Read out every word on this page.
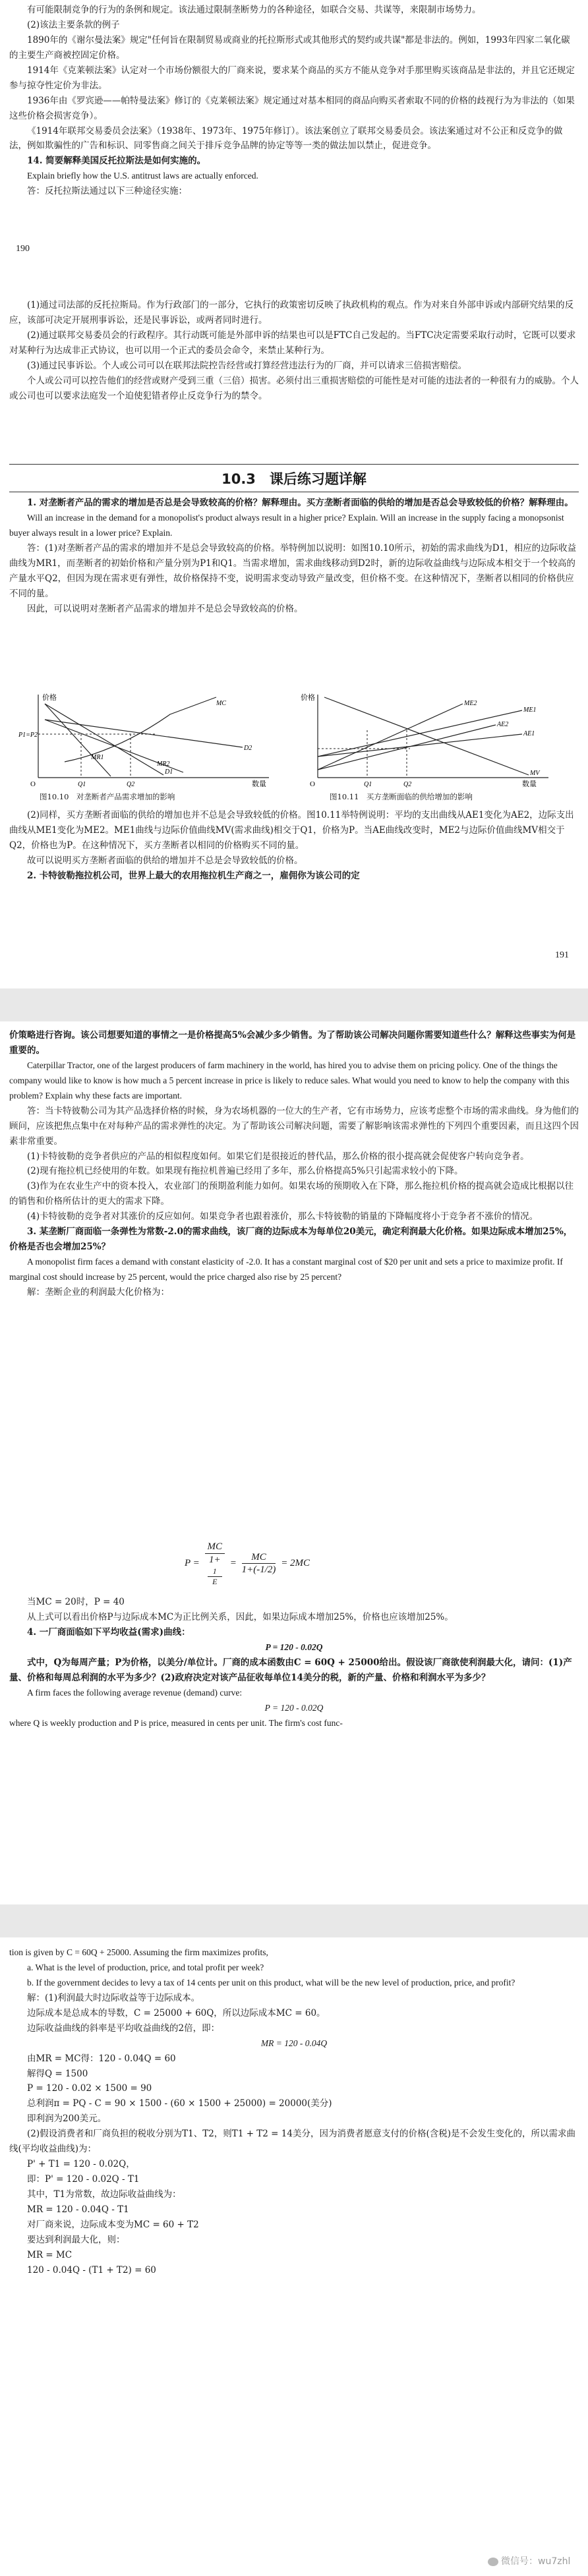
有可能限制竞争的行为的条例和规定。该法通过限制垄断势力的各种途径，如联合交易、共谋等，来限制市场势力。

(2)该法主要条款的例子

1890年的《谢尔曼法案》规定"任何旨在限制贸易或商业的托拉斯形式或其他形式的契约或共谋"都是非法的。例如，1993年四家二氧化碳的主要生产商被控固定价格。

1914年《克莱顿法案》认定对一个市场份额很大的厂商来说，要求某个商品的买方不能从竞争对手那里购买该商品是非法的，并且它还规定参与掠夺性定价为非法。

1936年由《罗宾逊——帕特曼法案》修订的《克莱顿法案》规定通过对基本相同的商品向购买者索取不同的价格的歧视行为为非法的（如果这些价格会损害竞争）。

《1914年联邦交易委员会法案》（1938年、1973年、1975年修订）。该法案创立了联邦交易委员会。该法案通过对不公正和反竞争的做法，例如欺骗性的广告和标识、同零售商之间关于排斥竞争品牌的协定等等一类的做法加以禁止，促进竞争。

14. 简要解释美国反托拉斯法是如何实施的。

Explain briefly how the U.S. antitrust laws are actually enforced.

答：反托拉斯法通过以下三种途径实施：

190

(1)通过司法部的反托拉斯局。作为行政部门的一部分，它执行的政策密切反映了执政机构的观点。作为对来自外部申诉或内部研究结果的反应，该部可决定开展刑事诉讼，还是民事诉讼，或两者同时进行。

(2)通过联邦交易委员会的行政程序。其行动既可能是外部申诉的结果也可以是FTC自己发起的。当FTC决定需要采取行动时，它既可以要求对某种行为达成非正式协议，也可以用一个正式的委员会命令，来禁止某种行为。

(3)通过民事诉讼。个人或公司可以在联邦法院控告经营或打算经营违法行为的厂商，并可以请求三倍损害赔偿。

个人或公司可以控告他们的经营或财产受到三重（三倍）损害。必须付出三重损害赔偿的可能性是对可能的违法者的一种很有力的威胁。个人或公司也可以要求法庭发一个迫使犯错者停止反竞争行为的禁令。

10.3　课后练习题详解

1. 对垄断者产品的需求的增加是否总是会导致较高的价格？解释理由。买方垄断者面临的供给的增加是否总会导致较低的价格？解释理由。

Will an increase in the demand for a monopolist's product always result in a higher price? Explain. Will an increase in the supply facing a monopsonist buyer always result in a lower price? Explain.

答：(1)对垄断者产品的需求的增加并不是总会导致较高的价格。举特例加以说明：如图10.10所示，初始的需求曲线为D1，相应的边际收益曲线为MR1，而垄断者的初始价格和产量分别为P1和Q1。当需求增加，需求曲线移动到D2时，新的边际收益曲线与边际成本相交于一个较高的产量水平Q2，但因为现在需求更有弹性，故价格保持不变，说明需求变动导致产量改变，但价格不变。在这种情况下，垄断者以相同的价格供应不同的量。

因此，可以说明对垄断者产品需求的增加并不是总会导致较高的价格。

价格
数量
O
P1=P2
MC
D2
D1
MR2
MR1
Q1	Q2
价格
数量
O
ME2
AE2
ME1
AE1
MV
Q1	Q2
图10.10　对垄断者产品需求增加的影响	图10.11　买方垄断面临的供给增加的影响

(2)同样，买方垄断者面临的供给的增加也并不总是会导致较低的价格。图10.11举特例说明：平均的支出曲线从AE1变化为AE2，边际支出曲线从ME1变化为ME2。ME1曲线与边际价值曲线MV(需求曲线)相交于Q1，价格为P。当AE曲线改变时，ME2与边际价值曲线MV相交于Q2，价格也为P。在这种情况下，买方垄断者以相同的价格购买不同的量。

故可以说明买方垄断者面临的供给的增加并不总是会导致较低的价格。

2. 卡特彼勒拖拉机公司，世界上最大的农用拖拉机生产商之一，雇佣你为该公司的定

191

价策略进行咨询。该公司想要知道的事情之一是价格提高5%会减少多少销售。为了帮助该公司解决问题你需要知道些什么？解释这些事实为何是重要的。

Caterpillar Tractor, one of the largest producers of farm machinery in the world, has hired you to advise them on pricing policy. One of the things the company would like to know is how much a 5 percent increase in price is likely to reduce sales. What would you need to know to help the company with this problem? Explain why these facts are important.

答：当卡特彼勒公司为其产品选择价格的时候，身为农场机器的一位大的生产者，它有市场势力，应该考虑整个市场的需求曲线。身为他们的顾问，应该把焦点集中在对每种产品的需求弹性的决定。为了帮助该公司解决问题，需要了解影响该需求弹性的下列四个重要因素，而且这四个因素非常重要。

(1)卡特彼勒的竞争者供应的产品的相似程度如何。如果它们是很接近的替代品，那么价格的很小提高就会促使客户转向竞争者。

(2)现有拖拉机已经使用的年数。如果现有拖拉机普遍已经用了多年，那么价格提高5%只引起需求较小的下降。

(3)作为在农业生产中的资本投入，农业部门的预期盈利能力如何。如果农场的预期收入在下降，那么拖拉机价格的提高就会造成比根据以往的销售和价格所估计的更大的需求下降。

(4)卡特彼勒的竞争者对其涨价的反应如何。如果竞争者也跟着涨价，那么卡特彼勒的销量的下降幅度将小于竞争者不涨价的情况。

3. 某垄断厂商面临一条弹性为常数-2.0的需求曲线，该厂商的边际成本为每单位20美元，确定利润最大化价格。如果边际成本增加25%，价格是否也会增加25%？

A monopolist firm faces a demand with constant elasticity of -2.0. It has a constant marginal cost of $20 per unit and sets a price to maximize profit. If marginal cost should increase by 25 percent, would the price charged also rise by 25 percent?

解：垄断企业的利润最大化价格为：

P = MC
1+
1
$E = \frac{MC}{1+(-1/2)} = 2MC$

当MC = 20时，P = 40

从上式可以看出价格P与边际成本MC为正比例关系，因此，如果边际成本增加25%，价格也应该增加25%。

4. 一厂商面临如下平均收益(需求)曲线：

P = 120 - 0.02Q

式中，Q为每周产量；P为价格，以美分/单位计。厂商的成本函数由C = 60Q + 25000给出。假设该厂商欲使利润最大化，请问：(1)产量、价格和每周总利润的水平为多少？(2)政府决定对该产品征收每单位14美分的税，新的产量、价格和利润水平为多少？

A firm faces the following average revenue (demand) curve:

P = 120 - 0.02Q

where Q is weekly production and P is price, measured in cents per unit. The firm's cost func-

tion is given by C = 60Q + 25000. Assuming the firm maximizes profits,

a. What is the level of production, price, and total profit per week?

b. If the government decides to levy a tax of 14 cents per unit on this product, what will be the new level of production, price, and profit?

解：(1)利润最大时边际收益等于边际成本。

边际成本是总成本的导数，C = 25000 + 60Q，所以边际成本MC = 60。

边际收益曲线的斜率是平均收益曲线的2倍，即：

MR = 120 - 0.04Q

由MR = MC得：120 - 0.04Q = 60

解得Q = 1500

P = 120 - 0.02 × 1500 = 90

总利润π = PQ - C = 90 × 1500 - (60 × 1500 + 25000) = 20000(美分)

即利润为200美元。

(2)假设消费者和厂商负担的税收分别为T1、T2，则T1 + T2 = 14美分，因为消费者愿意支付的价格(含税)是不会发生变化的，所以需求曲线(平均收益曲线)为：

P' + T1 = 120 - 0.02Q，

即：P' = 120 - 0.02Q - T1

其中，T1为常数，故边际收益曲线为：

MR = 120 - 0.04Q - T1

对厂商来说，边际成本变为MC = 60 + T2

要达到利润最大化，则：

MR = MC

120 - 0.04Q - (T1 + T2) = 60

微信号：wu7zhl
